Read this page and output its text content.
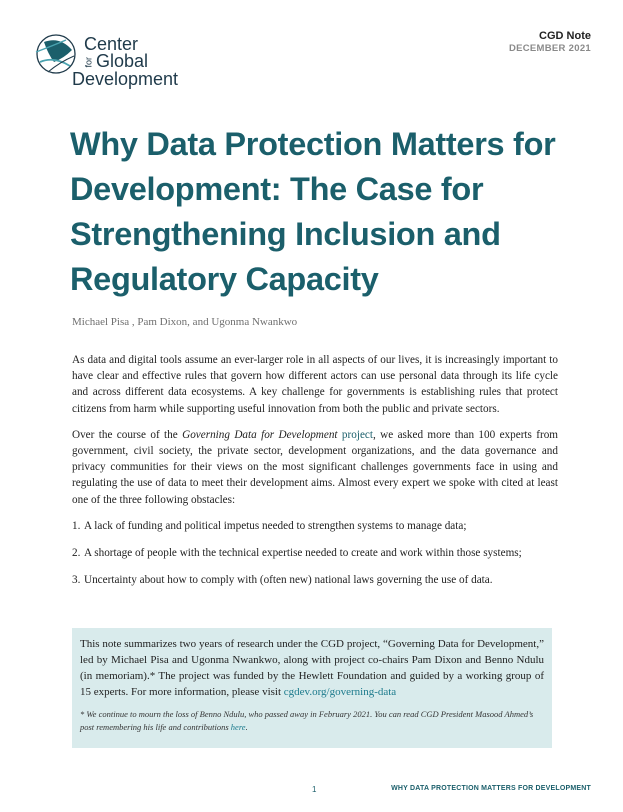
Center
for Global
Development
CGD Note
DECEMBER 2021
Why Data Protection Matters for Development: The Case for Strengthening Inclusion and Regulatory Capacity
Michael Pisa , Pam Dixon, and Ugonma Nwankwo

As data and digital tools assume an ever-larger role in all aspects of our lives, it is increasingly important to have clear and effective rules that govern how different actors can use personal data through its life cycle and across different data ecosystems. A key challenge for governments is establishing rules that protect citizens from harm while supporting useful innovation from both the public and private sectors.

Over the course of the Governing Data for Development project, we asked more than 100 experts from government, civil society, the private sector, development organizations, and the data governance and privacy communities for their views on the most significant challenges governments face in using and regulating the use of data to meet their development aims. Almost every expert we spoke with cited at least one of the three following obstacles:

1. A lack of funding and political impetus needed to strengthen systems to manage data;
2. A shortage of people with the technical expertise needed to create and work within those systems;
3. Uncertainty about how to comply with (often new) national laws governing the use of data.
This note summarizes two years of research under the CGD project, “Governing Data for Development,” led by Michael Pisa and Ugonma Nwankwo, along with project co-chairs Pam Dixon and Benno Ndulu (in memoriam).* The project was funded by the Hewlett Foundation and guided by a working group of 15 experts. For more information, please visit cgdev.org/governing-data
* We continue to mourn the loss of Benno Ndulu, who passed away in February 2021. You can read CGD President Masood Ahmed’s post remembering his life and contributions here.
1	WHY DATA PROTECTION MATTERS FOR DEVELOPMENT
